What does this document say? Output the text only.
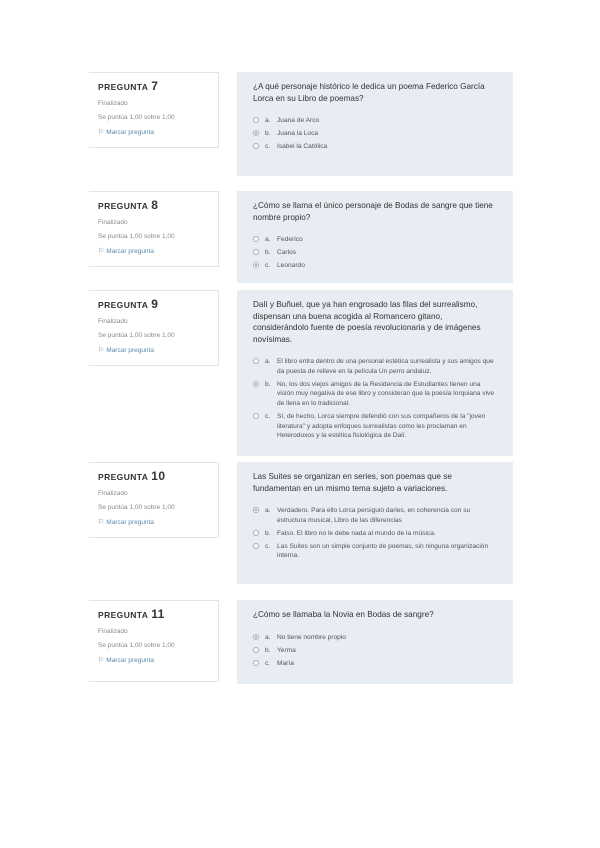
PREGUNTA 7
Finalizado
Se puntúa 1,00 sobre 1,00
⚐ Marcar pregunta
¿A qué personaje histórico le dedica un poema Federico García Lorca en su Libro de poemas?
a. Juana de Arco
b. Juana la Loca
c.	Isabel la Católica
PREGUNTA 8
Finalizado
Se puntúa 1,00 sobre 1,00
⚐ Marcar pregunta
¿Cómo se llama el único personaje de Bodas de sangre que tiene nombre propio?
a. Federico
b. Carlos
c.	Leonardo
PREGUNTA 9
Finalizado
Se puntúa 1,00 sobre 1,00
⚐ Marcar pregunta
Dalí y Buñuel, que ya han engrosado las filas del surrealismo, dispensan una buena acogida al Romancero gitano, considerándolo fuente de poesía revolucionaria y de imágenes novísimas.
a. El libro entra dentro de una personal estética surrealista y sus amigos que da puesta de relieve en la película Un perro andaluz.
b. No, los dos viejos amigos de la Residencia de Estudiantes tienen una visión muy negativa de ese libro y consideran que la poesía lorquiana vive de llena en lo tradicional.
c.	Sí, de hecho, Lorca siempre defendió con sus compañeros de la "joven literatura" y adopta enfoques surrealistas como les proclaman en Heterodoxos y la estética fisiológica de Dalí.
PREGUNTA 10
Finalizado
Se puntúa 1,00 sobre 1,00
⚐ Marcar pregunta
Las Suites se organizan en series, son poemas que se fundamentan en un mismo tema sujeto a variaciones.
a. Verdadero. Para ello Lorca persiguió darles, en coherencia con su estructura musical, Libro de las diferencias
b. Falso. El libro no le debe nada al mundo de la música.
c.	Las Suites son un simple conjunto de poemas, sin ninguna organización interna.
PREGUNTA 11
Finalizado
Se puntúa 1,00 sobre 1,00
⚐ Marcar pregunta
¿Cómo se llamaba la Novia en Bodas de sangre?
a. No tiene nombre propio
b. Yerma
c.	María
